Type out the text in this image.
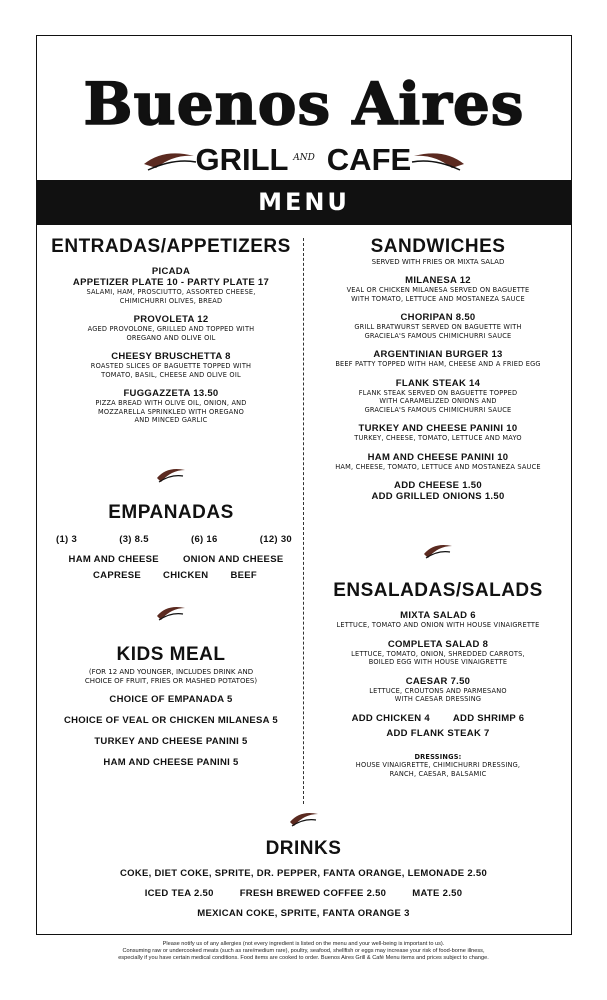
Buenos Aires
GRILL AND CAFE
MENU
ENTRADAS/APPETIZERS
PICADA
APPETIZER PLATE 10 - PARTY PLATE 17
SALAMI, HAM, PROSCIUTTO, ASSORTED CHEESE,
CHIMICHURRI OLIVES, BREAD
PROVOLETA 12
AGED PROVOLONE, GRILLED AND TOPPED WITH
OREGANO AND OLIVE OIL
CHEESY BRUSCHETTA 8
ROASTED SLICES OF BAGUETTE TOPPED WITH
TOMATO, BASIL, CHEESE AND OLIVE OIL
FUGGAZZETA 13.50
PIZZA BREAD WITH OLIVE OIL, ONION, AND
MOZZARELLA SPRINKLED WITH OREGANO
AND MINCED GARLIC
EMPANADAS
(1) 3	(3) 8.5	(6) 16	(12) 30
HAM AND CHEESE	ONION AND CHEESE
CAPRESE CHICKEN BEEF
KIDS MEAL
(FOR 12 AND YOUNGER, INCLUDES DRINK AND
CHOICE OF FRUIT, FRIES OR MASHED POTATOES)
CHOICE OF EMPANADA 5
CHOICE OF VEAL OR CHICKEN MILANESA 5
TURKEY AND CHEESE PANINI 5
HAM AND CHEESE PANINI 5
SANDWICHES
SERVED WITH FRIES OR MIXTA SALAD
MILANESA 12
VEAL OR CHICKEN MILANESA SERVED ON BAGUETTE
WITH TOMATO, LETTUCE AND MOSTANEZA SAUCE
CHORIPAN 8.50
GRILL BRATWURST SERVED ON BAGUETTE WITH
GRACIELA'S FAMOUS CHIMICHURRI SAUCE
ARGENTINIAN BURGER 13
BEEF PATTY TOPPED WITH HAM, CHEESE AND A FRIED EGG
FLANK STEAK 14
FLANK STEAK SERVED ON BAGUETTE TOPPED
WITH CARAMELIZED ONIONS AND
GRACIELA'S FAMOUS CHIMICHURRI SAUCE
TURKEY AND CHEESE PANINI 10
TURKEY, CHEESE, TOMATO, LETTUCE AND MAYO
HAM AND CHEESE PANINI 10
HAM, CHEESE, TOMATO, LETTUCE AND MOSTANEZA SAUCE
ADD CHEESE 1.50 ADD GRILLED ONIONS 1.50
ENSALADAS/SALADS
MIXTA SALAD 6
LETTUCE, TOMATO AND ONION WITH HOUSE VINAIGRETTE
COMPLETA SALAD 8
LETTUCE, TOMATO, ONION, SHREDDED CARROTS,
BOILED EGG WITH HOUSE VINAIGRETTE
CAESAR 7.50
LETTUCE, CROUTONS AND PARMESANO
WITH CAESAR DRESSING
ADD CHICKEN 4 ADD SHRIMP 6
ADD FLANK STEAK 7
DRESSINGS:
HOUSE VINAIGRETTE, CHIMICHURRI DRESSING,
RANCH, CAESAR, BALSAMIC
DRINKS
COKE, DIET COKE, SPRITE, DR. PEPPER, FANTA ORANGE, LEMONADE 2.50
ICED TEA 2.50	FRESH BREWED COFFEE 2.50	MATE 2.50
MEXICAN COKE, SPRITE, FANTA ORANGE 3
Please notify us of any allergies (not every ingredient is listed on the menu and your well-being is important to us).
Consuming raw or undercooked meats (such as rare/medium rare), poultry, seafood, shellfish or eggs may increase your risk of food-borne illness,
especially if you have certain medical conditions. Food items are cooked to order. Buenos Aires Grill & Café Menu items and prices subject to change.
